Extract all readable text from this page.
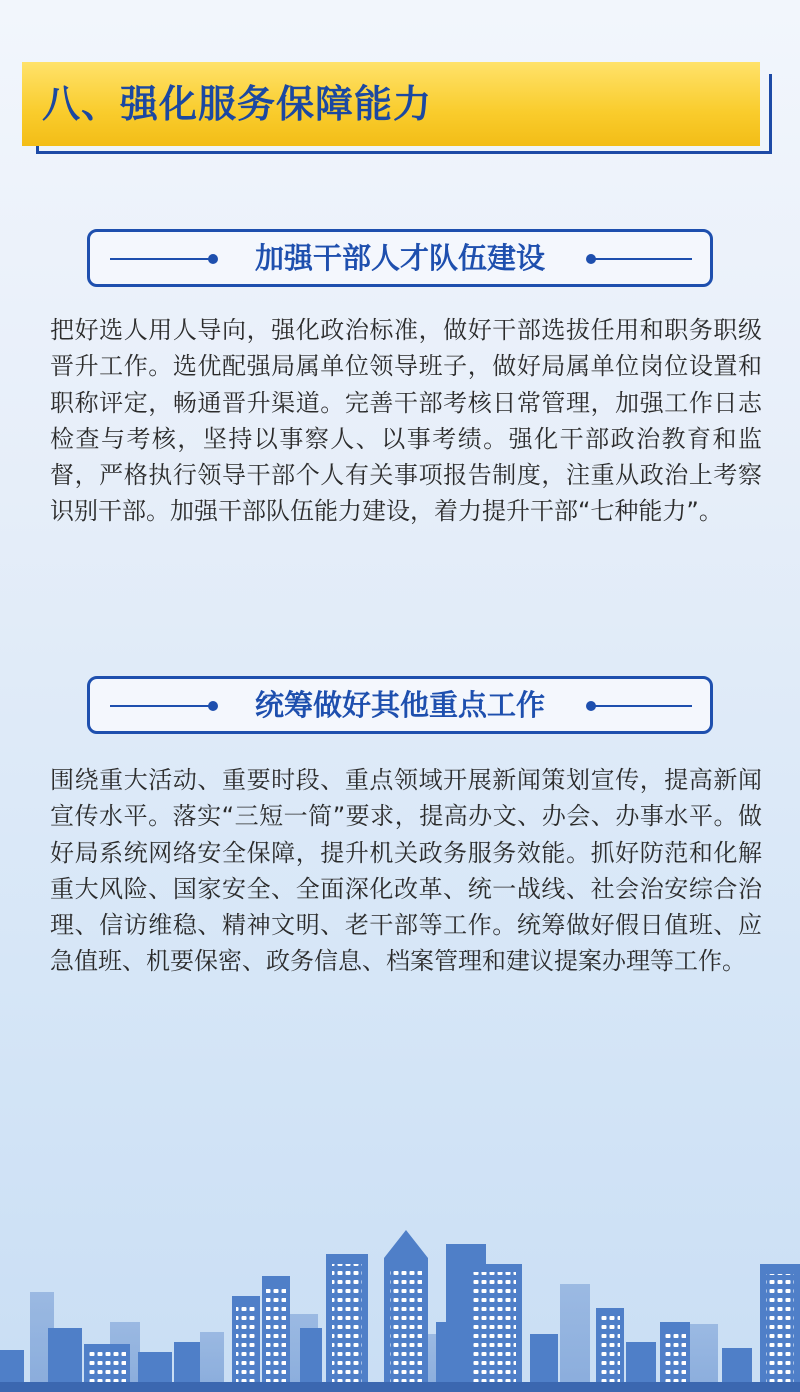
八、强化服务保障能力
加强干部人才队伍建设

把好选人用人导向，强化政治标准，做好干部选拔任用和职务职级晋升工作。选优配强局属单位领导班子，做好局属单位岗位设置和职称评定，畅通晋升渠道。完善干部考核日常管理，加强工作日志检查与考核，坚持以事察人、以事考绩。强化干部政治教育和监督，严格执行领导干部个人有关事项报告制度，注重从政治上考察识别干部。加强干部队伍能力建设，着力提升干部“七种能力”。

统筹做好其他重点工作

围绕重大活动、重要时段、重点领域开展新闻策划宣传，提高新闻宣传水平。落实“三短一简”要求，提高办文、办会、办事水平。做好局系统网络安全保障，提升机关政务服务效能。抓好防范和化解重大风险、国家安全、全面深化改革、统一战线、社会治安综合治理、信访维稳、精神文明、老干部等工作。统筹做好假日值班、应急值班、机要保密、政务信息、档案管理和建议提案办理等工作。
